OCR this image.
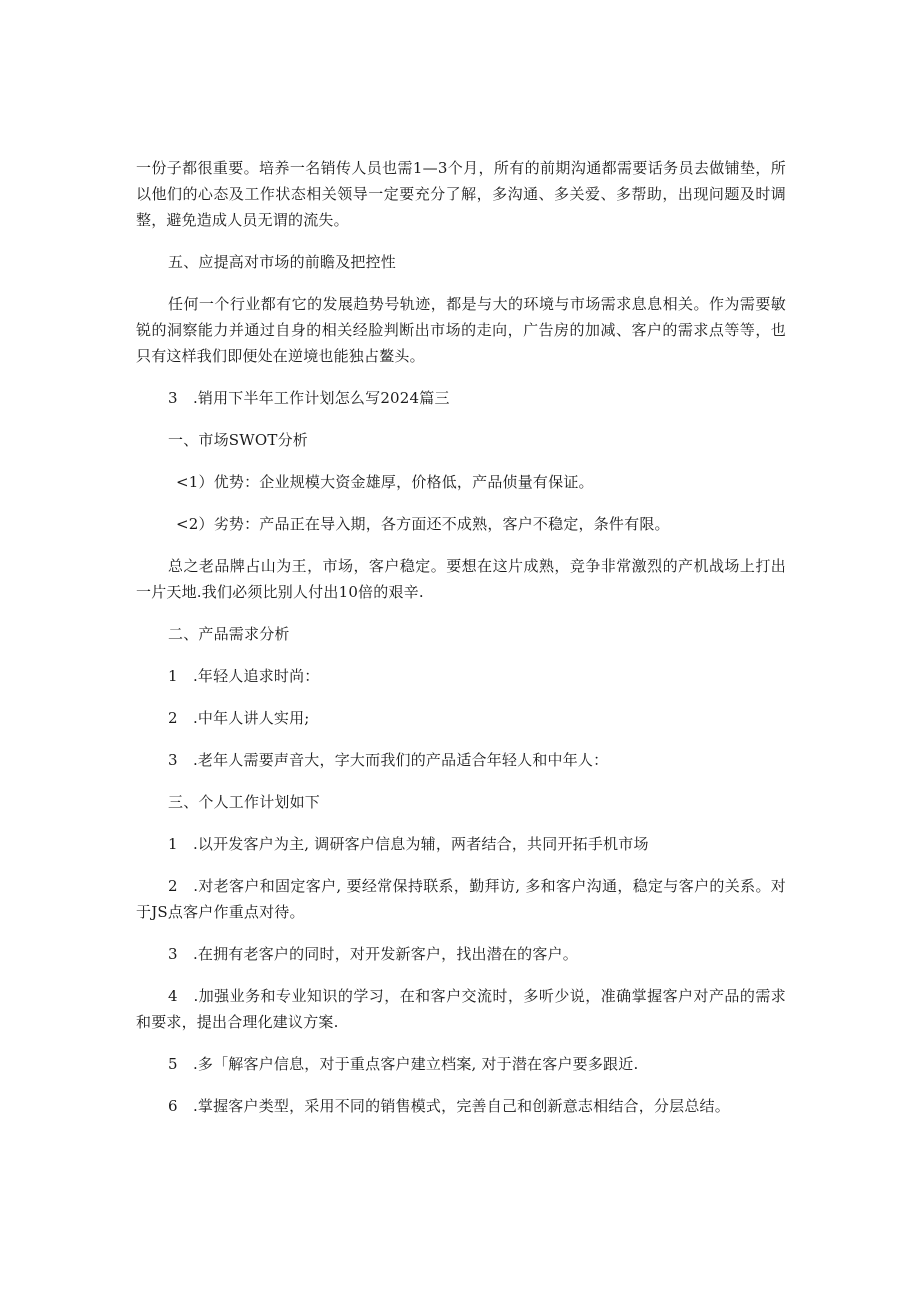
一份子都很重要。培养一名销传人员也需1—3个月，所有的前期沟通都需要话务员去做铺垫，所以他们的心态及工作状态相关领导一定要充分了解，多沟通、多关爱、多帮助，出现问题及时调整，避免造成人员无谓的流失。

五、应提高对市场的前瞻及把控性

任何一个行业都有它的发展趋势号轨迹，都是与大的环境与市场需求息息相关。作为需要敏锐的洞察能力并通过自身的相关经脸判断出市场的走向，广告房的加减、客户的需求点等等，也只有这样我们即便处在逆境也能独占鳌头。

3　.销用下半年工作计划怎么写2024篇三

一、市场SWOT分析

<1）优势：企业规模大资金雄厚，价格低，产品侦量有保证。

<2）劣势：产品正在导入期，各方面还不成熟，客户不稳定，条件有限。

总之老品牌占山为王，市场，客户稳定。要想在这片成熟，竞争非常激烈的产机战场上打出一片天地.我们必须比别人付出10倍的艰辛.

二、产品需求分析

1　.年轻人追求时尚：

2　.中年人讲人实用;

3　.老年人需要声音大，字大而我们的产品适合年轻人和中年人：

三、个人工作计划如下

1　.以开发客户为主, 调研客户信息为辅，两者结合，共同开拓手机市场

2　.对老客户和固定客户, 要经常保持联系，勤拜访, 多和客户沟通，稳定与客户的关系。对于JS点客户作重点对待。

3　.在拥有老客户的同时，对开发新客户，找出潜在的客户。

4　.加强业务和专业知识的学习，在和客户交流时，多听少说，准确掌握客户对产品的需求和要求，提出合理化建议方案.

5　.多「解客户信息，对于重点客户建立档案, 对于潜在客户要多跟近.

6　.掌握客户类型，采用不同的销售模式，完善自己和创新意志相结合，分层总结。
